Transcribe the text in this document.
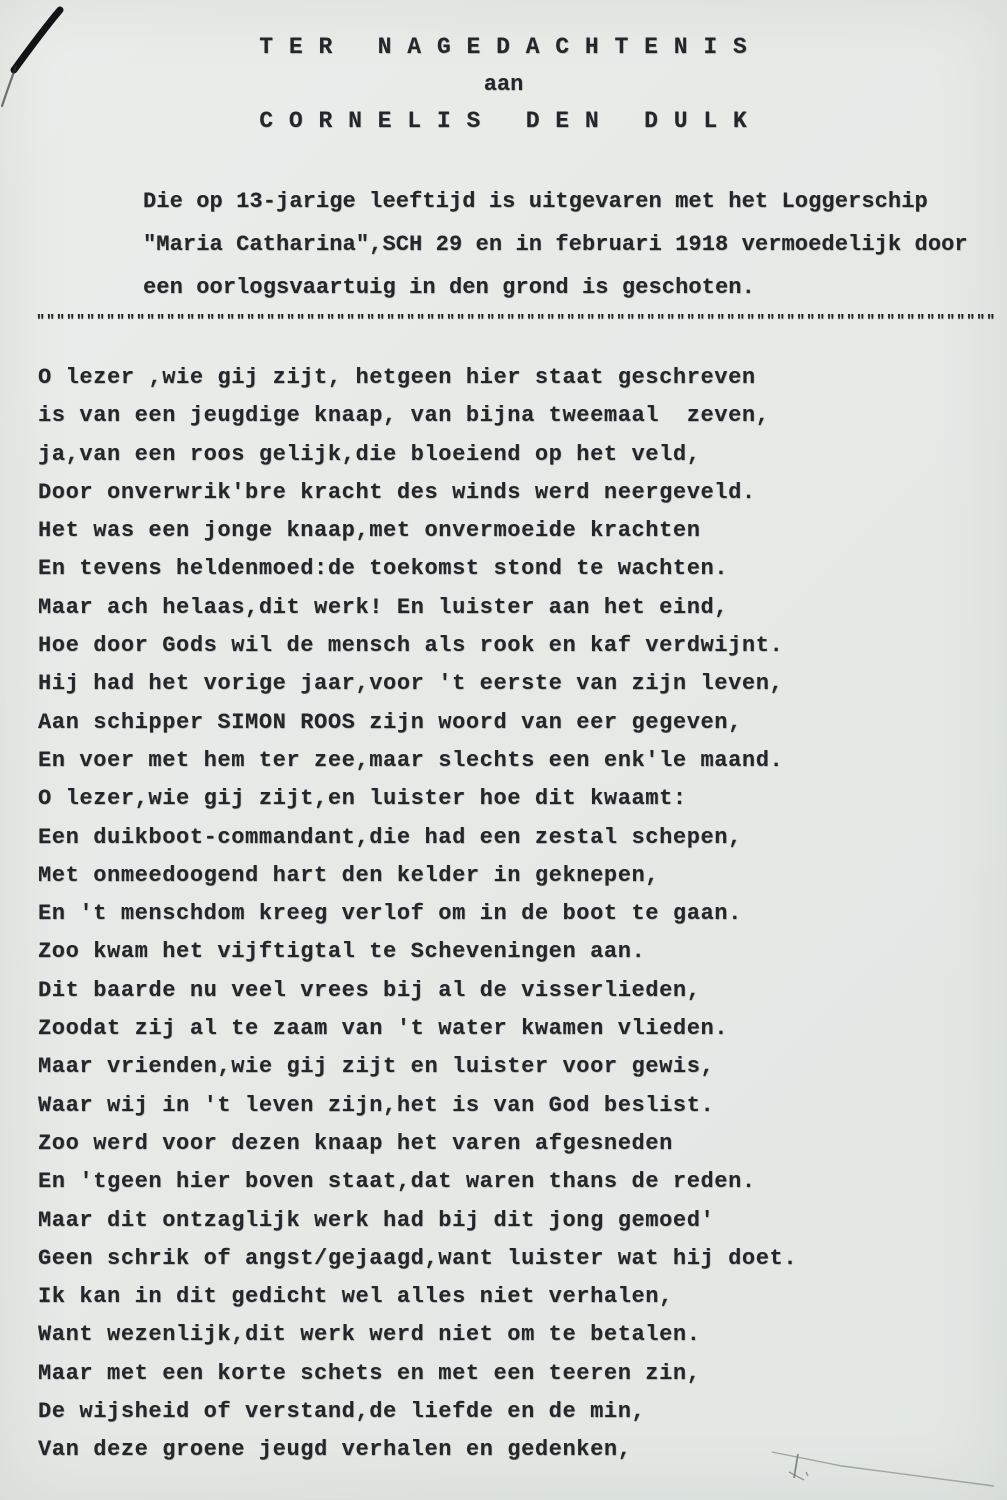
T E R   N A G E D A C H T E N I S
aan
C O R N E L I S   D E N   D U L K
Die op 13-jarige leeftijd is uitgevaren met het Loggerschip
"Maria Catharina",SCH 29 en in februari 1918 vermoedelijk door
een oorlogsvaartuig in den grond is geschoten.
""""""""""""""""""""""""""""""""""""""""""""""""""""""""""""""""""""""""""""""""""""""""""""""""
O lezer ,wie gij zijt, hetgeen hier staat geschreven
is van een jeugdige knaap, van bijna tweemaal  zeven,
ja,van een roos gelijk,die bloeiend op het veld,
Door onverwrik'bre kracht des winds werd neergeveld.
Het was een jonge knaap,met onvermoeide krachten
En tevens heldenmoed:de toekomst stond te wachten.
Maar ach helaas,dit werk! En luister aan het eind,
Hoe door Gods wil de mensch als rook en kaf verdwijnt.
Hij had het vorige jaar,voor 't eerste van zijn leven,
Aan schipper SIMON ROOS zijn woord van eer gegeven,
En voer met hem ter zee,maar slechts een enk'le maand.
O lezer,wie gij zijt,en luister hoe dit kwaamt:
Een duikboot-commandant,die had een zestal schepen,
Met onmeedoogend hart den kelder in geknepen,
En 't menschdom kreeg verlof om in de boot te gaan.
Zoo kwam het vijftigtal te Scheveningen aan.
Dit baarde nu veel vrees bij al de visserlieden,
Zoodat zij al te zaam van 't water kwamen vlieden.
Maar vrienden,wie gij zijt en luister voor gewis,
Waar wij in 't leven zijn,het is van God beslist.
Zoo werd voor dezen knaap het varen afgesneden
En 'tgeen hier boven staat,dat waren thans de reden.
Maar dit ontzaglijk werk had bij dit jong gemoed'
Geen schrik of angst/gejaagd,want luister wat hij doet.
Ik kan in dit gedicht wel alles niet verhalen,
Want wezenlijk,dit werk werd niet om te betalen.
Maar met een korte schets en met een teeren zin,
De wijsheid of verstand,de liefde en de min,
Van deze groene jeugd verhalen en gedenken,
